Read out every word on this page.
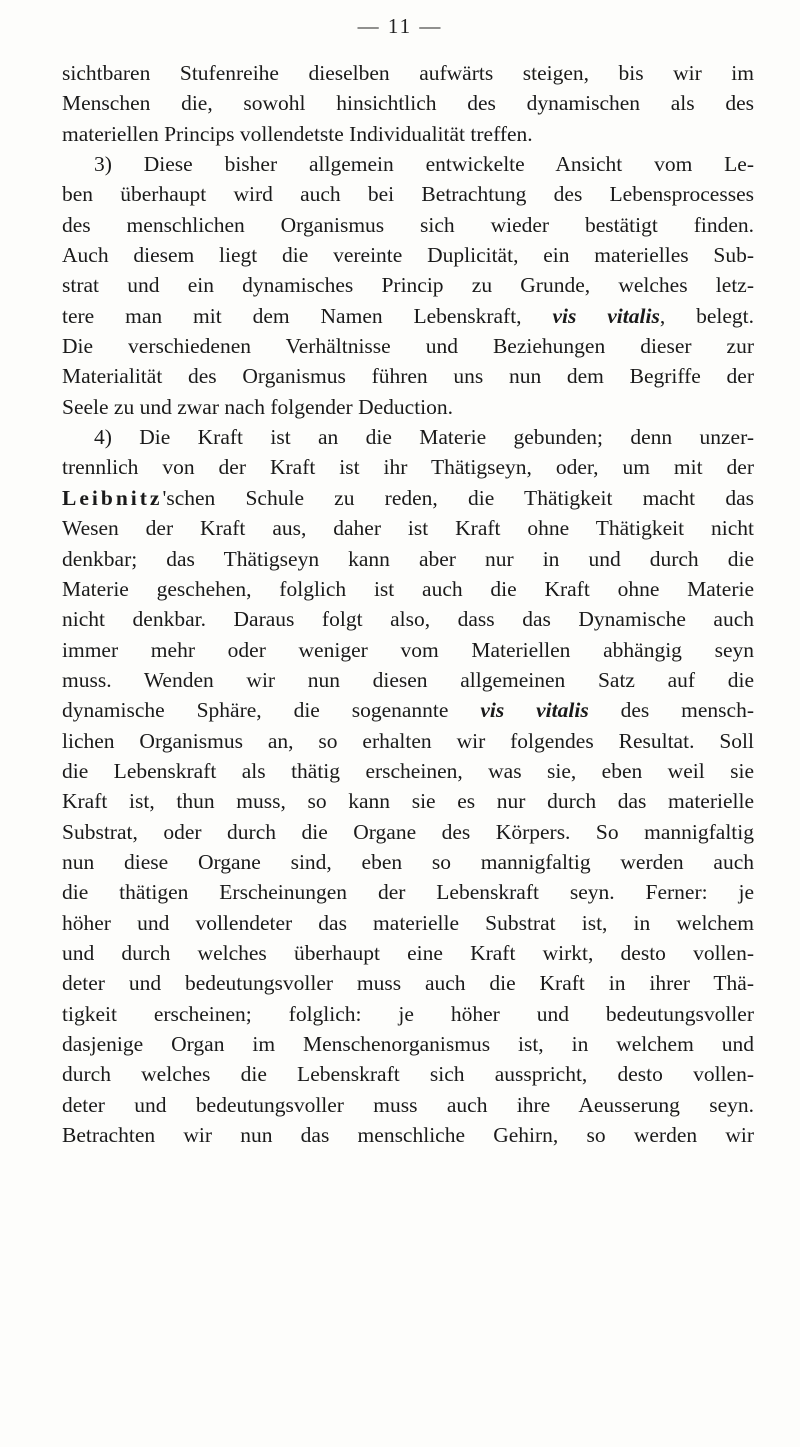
— 11 —
sichtbaren Stufenreihe dieselben aufwärts steigen, bis wir im
Menschen die, sowohl hinsichtlich des dynamischen als des
materiellen Princips vollendetste Individualität treffen.
3) Diese bisher allgemein entwickelte Ansicht vom Le-
ben überhaupt wird auch bei Betrachtung des Lebensprocesses
des menschlichen Organismus sich wieder bestätigt finden.
Auch diesem liegt die vereinte Duplicität, ein materielles Sub-
strat und ein dynamisches Princip zu Grunde, welches letz-
tere man mit dem Namen Lebenskraft, vis vitalis, belegt.
Die verschiedenen Verhältnisse und Beziehungen dieser zur
Materialität des Organismus führen uns nun dem Begriffe der
Seele zu und zwar nach folgender Deduction.
4) Die Kraft ist an die Materie gebunden; denn unzer-
trennlich von der Kraft ist ihr Thätigseyn, oder, um mit der
Leibnitz'schen Schule zu reden, die Thätigkeit macht das
Wesen der Kraft aus, daher ist Kraft ohne Thätigkeit nicht
denkbar; das Thätigseyn kann aber nur in und durch die
Materie geschehen, folglich ist auch die Kraft ohne Materie
nicht denkbar. Daraus folgt also, dass das Dynamische auch
immer mehr oder weniger vom Materiellen abhängig seyn
muss. Wenden wir nun diesen allgemeinen Satz auf die
dynamische Sphäre, die sogenannte vis vitalis des mensch-
lichen Organismus an, so erhalten wir folgendes Resultat. Soll
die Lebenskraft als thätig erscheinen, was sie, eben weil sie
Kraft ist, thun muss, so kann sie es nur durch das materielle
Substrat, oder durch die Organe des Körpers. So mannigfaltig
nun diese Organe sind, eben so mannigfaltig werden auch
die thätigen Erscheinungen der Lebenskraft seyn. Ferner: je
höher und vollendeter das materielle Substrat ist, in welchem
und durch welches überhaupt eine Kraft wirkt, desto vollen-
deter und bedeutungsvoller muss auch die Kraft in ihrer Thä-
tigkeit erscheinen; folglich: je höher und bedeutungsvoller
dasjenige Organ im Menschenorganismus ist, in welchem und
durch welches die Lebenskraft sich ausspricht, desto vollen-
deter und bedeutungsvoller muss auch ihre Aeusserung seyn.
Betrachten wir nun das menschliche Gehirn, so werden wir
